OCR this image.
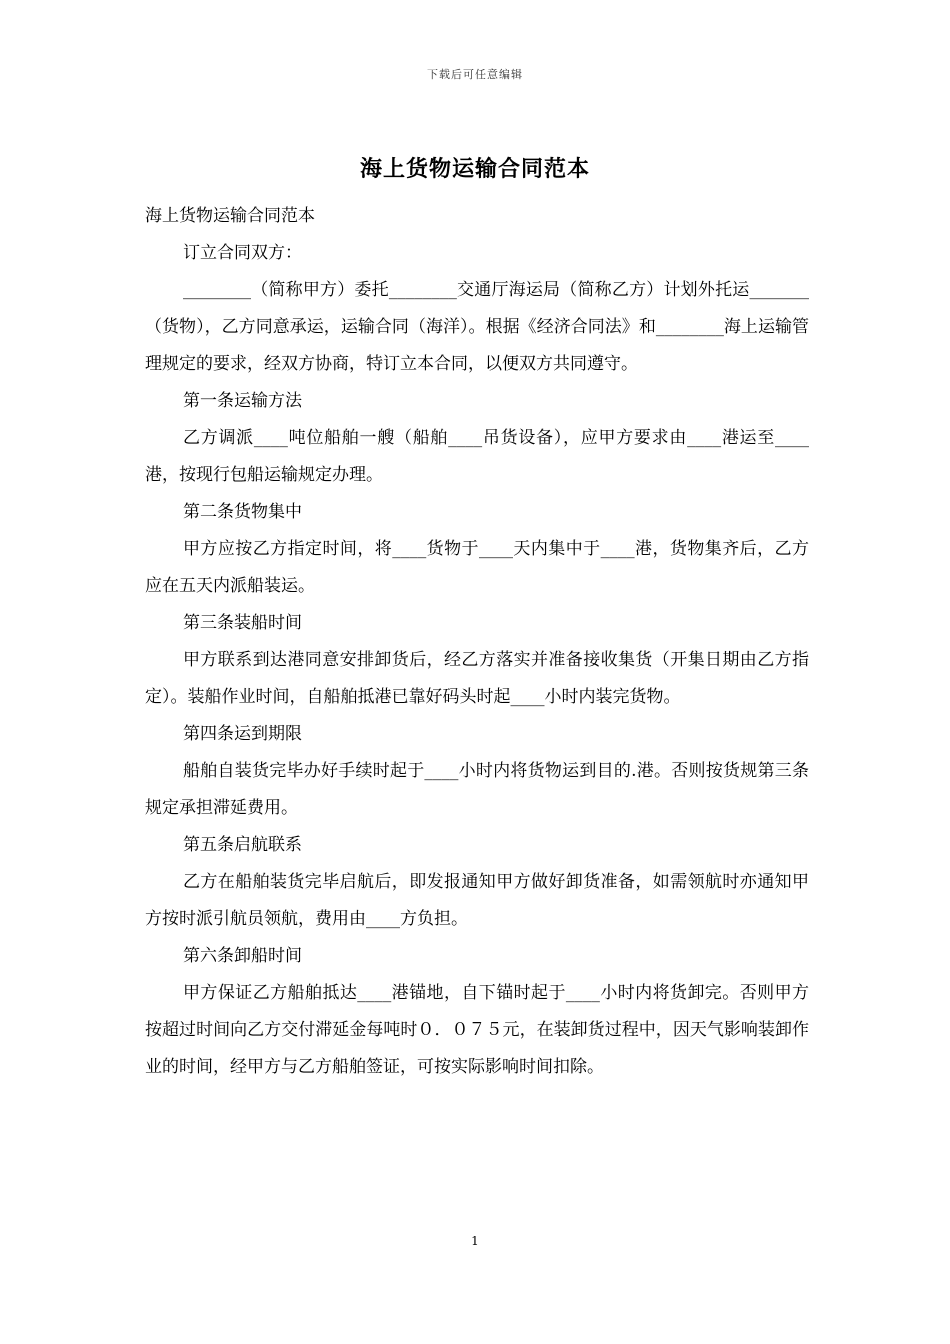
下载后可任意编辑
海上货物运输合同范本

海上货物运输合同范本

订立合同双方：

________（简称甲方）委托________交通厅海运局（简称乙方）计划外托运_______（货物），乙方同意承运，运输合同（海洋）。根据《经济合同法》和________海上运输管理规定的要求，经双方协商，特订立本合同，以便双方共同遵守。

第一条运输方法

乙方调派____吨位船舶一艘（船舶____吊货设备），应甲方要求由____港运至____港，按现行包船运输规定办理。

第二条货物集中

甲方应按乙方指定时间，将____货物于____天内集中于____港，货物集齐后，乙方应在五天内派船装运。

第三条装船时间

甲方联系到达港同意安排卸货后，经乙方落实并准备接收集货（开集日期由乙方指定）。装船作业时间，自船舶抵港已靠好码头时起____小时内装完货物。

第四条运到期限

船舶自装货完毕办好手续时起于____小时内将货物运到目的.港。否则按货规第三条规定承担滞延费用。

第五条启航联系

乙方在船舶装货完毕启航后，即发报通知甲方做好卸货准备，如需领航时亦通知甲方按时派引航员领航，费用由____方负担。

第六条卸船时间

甲方保证乙方船舶抵达____港锚地，自下锚时起于____小时内将货卸完。否则甲方按超过时间向乙方交付滞延金每吨时０．０７５元，在装卸货过程中，因天气影响装卸作业的时间，经甲方与乙方船舶签证，可按实际影响时间扣除。

1
